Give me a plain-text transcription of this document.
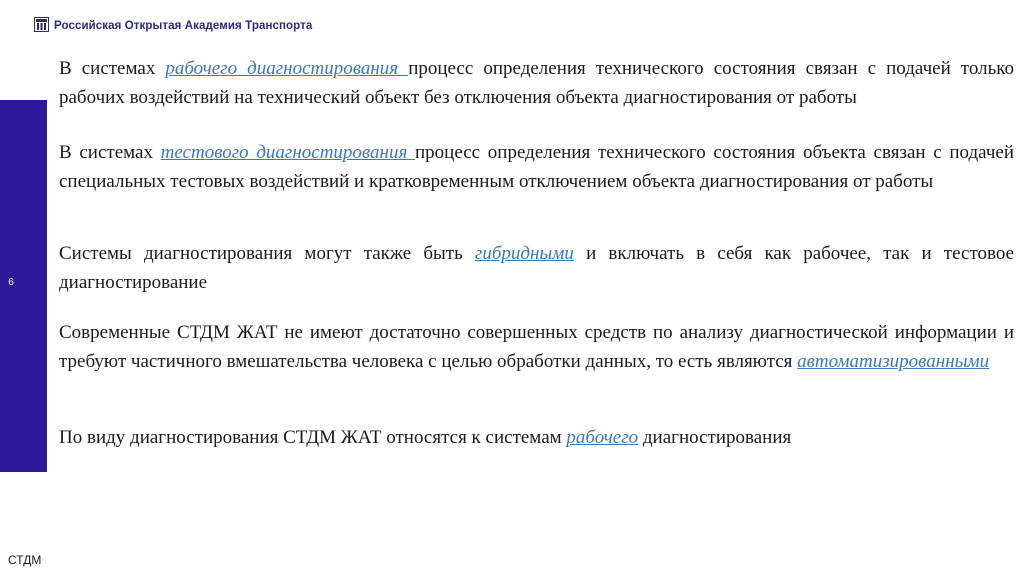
Российская Открытая Академия Транспорта
6
В системах рабочего диагностирования процесс определения технического состояния связан с подачей только рабочих воздействий на технический объект без отключения объекта диагностирования от работы
В системах тестового диагностирования процесс определения технического состояния объекта связан с подачей специальных тестовых воздействий и кратковременным отключением объекта диагностирования от работы
Системы диагностирования могут также быть гибридными и включать в себя как рабочее, так и тестовое диагностирование
Современные СТДМ ЖАТ не имеют достаточно совершенных средств по анализу диагностической информации и требуют частичного вмешательства человека с целью обработки данных, то есть являются автоматизированными
По виду диагностирования СТДМ ЖАТ относятся к системам рабочего диагностирования
СТДМ
